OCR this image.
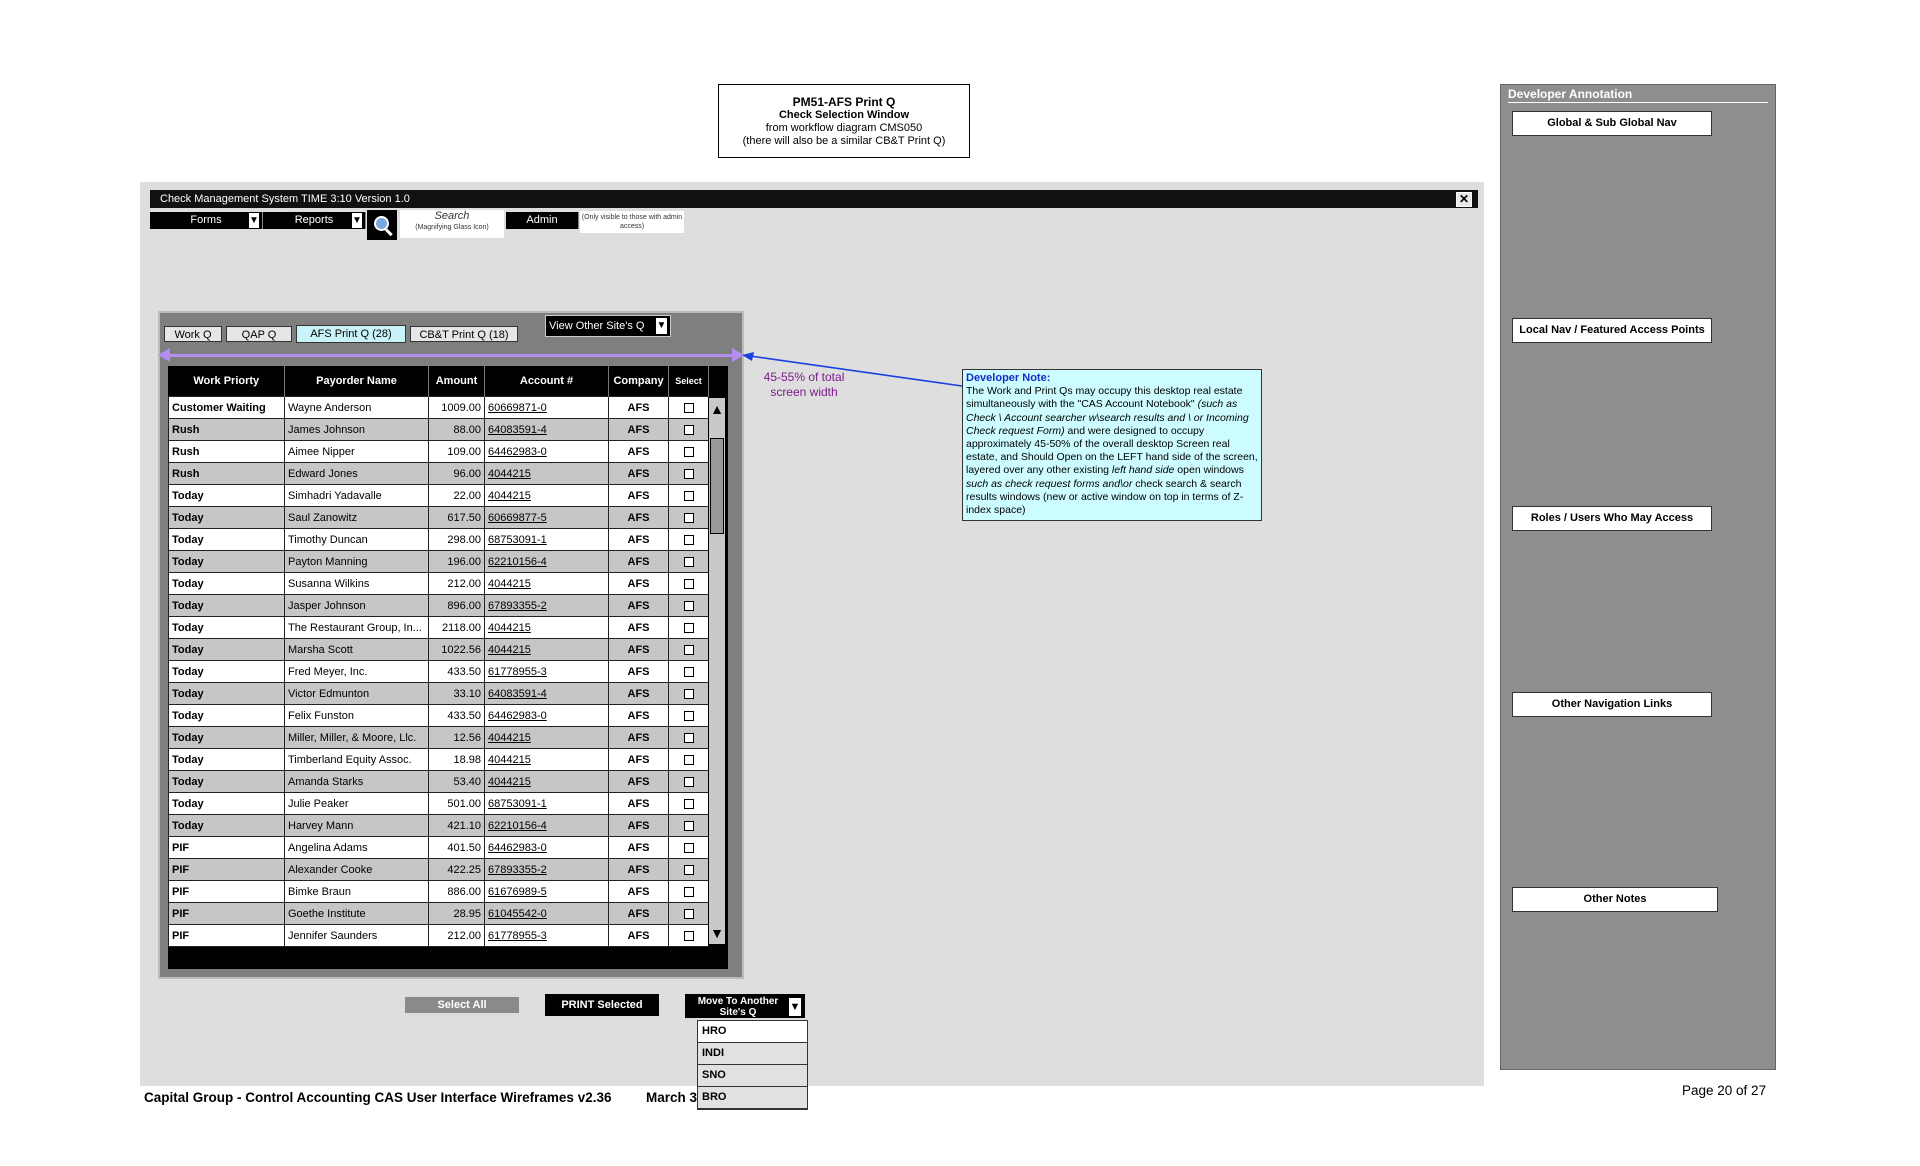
PM51-AFS Print Q
Check Selection Window
from workflow diagram CMS050
(there will also be a similar CB&T Print Q)
Check Management System TIME 3:10 Version 1.0	✕
Forms	▼	Reports ▼	Search
(Magnifying Glass Icon)
Admin	(Only visible to those with admin access)
Work Q	QAP Q	AFS Print Q (28)	CB&T Print Q (18)
View Other Site's Q ▼
Work Priorty	Payorder Name	Amount	Account #	Company	Select
Customer Waiting	Wayne Anderson	1009.00	60669871-0	AFS	
Rush	James Johnson	88.00	64083591-4	AFS	
Rush	Aimee Nipper	109.00	64462983-0	AFS	
Rush	Edward Jones	96.00	4044215	AFS	
Today	Simhadri Yadavalle	22.00	4044215	AFS	
Today	Saul Zanowitz	617.50	60669877-5	AFS	
Today	Timothy Duncan	298.00	68753091-1	AFS	
Today	Payton Manning	196.00	62210156-4	AFS	
Today	Susanna Wilkins	212.00	4044215	AFS	
Today	Jasper Johnson	896.00	67893355-2	AFS	
Today	The Restaurant Group, In...	2118.00	4044215	AFS	
Today	Marsha Scott	1022.56	4044215	AFS	
Today	Fred Meyer, Inc.	433.50	61778955-3	AFS	
Today	Victor Edmunton	33.10	64083591-4	AFS	
Today	Felix Funston	433.50	64462983-0	AFS	
Today	Miller, Miller, & Moore, Llc.	12.56	4044215	AFS	
Today	Timberland Equity Assoc.	18.98	4044215	AFS	
Today	Amanda Starks	53.40	4044215	AFS	
Today	Julie Peaker	501.00	68753091-1	AFS	
Today	Harvey Mann	421.10	62210156-4	AFS	
PIF	Angelina Adams	401.50	64462983-0	AFS	
PIF	Alexander Cooke	422.25	67893355-2	AFS	
PIF	Bimke Braun	886.00	61676989-5	AFS	
PIF	Goethe Institute	28.95	61045542-0	AFS	
PIF	Jennifer Saunders	212.00	61778955-3	AFS	
▲
▼
45-55% of total screen width
Developer Note:
The Work and Print Qs may occupy this desktop real estate simultaneously with the "CAS Account Notebook" (such as Check \ Account searcher w\search results and \ or Incoming Check request Form) and were designed to occupy approximately 45-50% of the overall desktop Screen real estate, and Should Open on the LEFT hand side of the screen, layered over any other existing left hand side open windows such as check request forms and\or check search & search results windows (new or active window on top in terms of Z-index space)
Select All	PRINT Selected	Move To Another Site's Q	▼
HRO
INDI
SNO
BRO
Developer Annotation
Global & Sub Global Nav
Local Nav / Featured Access Points
Roles / Users Who May Access
Other Navigation Links
Other Notes
Capital Group - Control Accounting CAS User Interface Wireframes v2.36	March 3	Page 20 of 27
